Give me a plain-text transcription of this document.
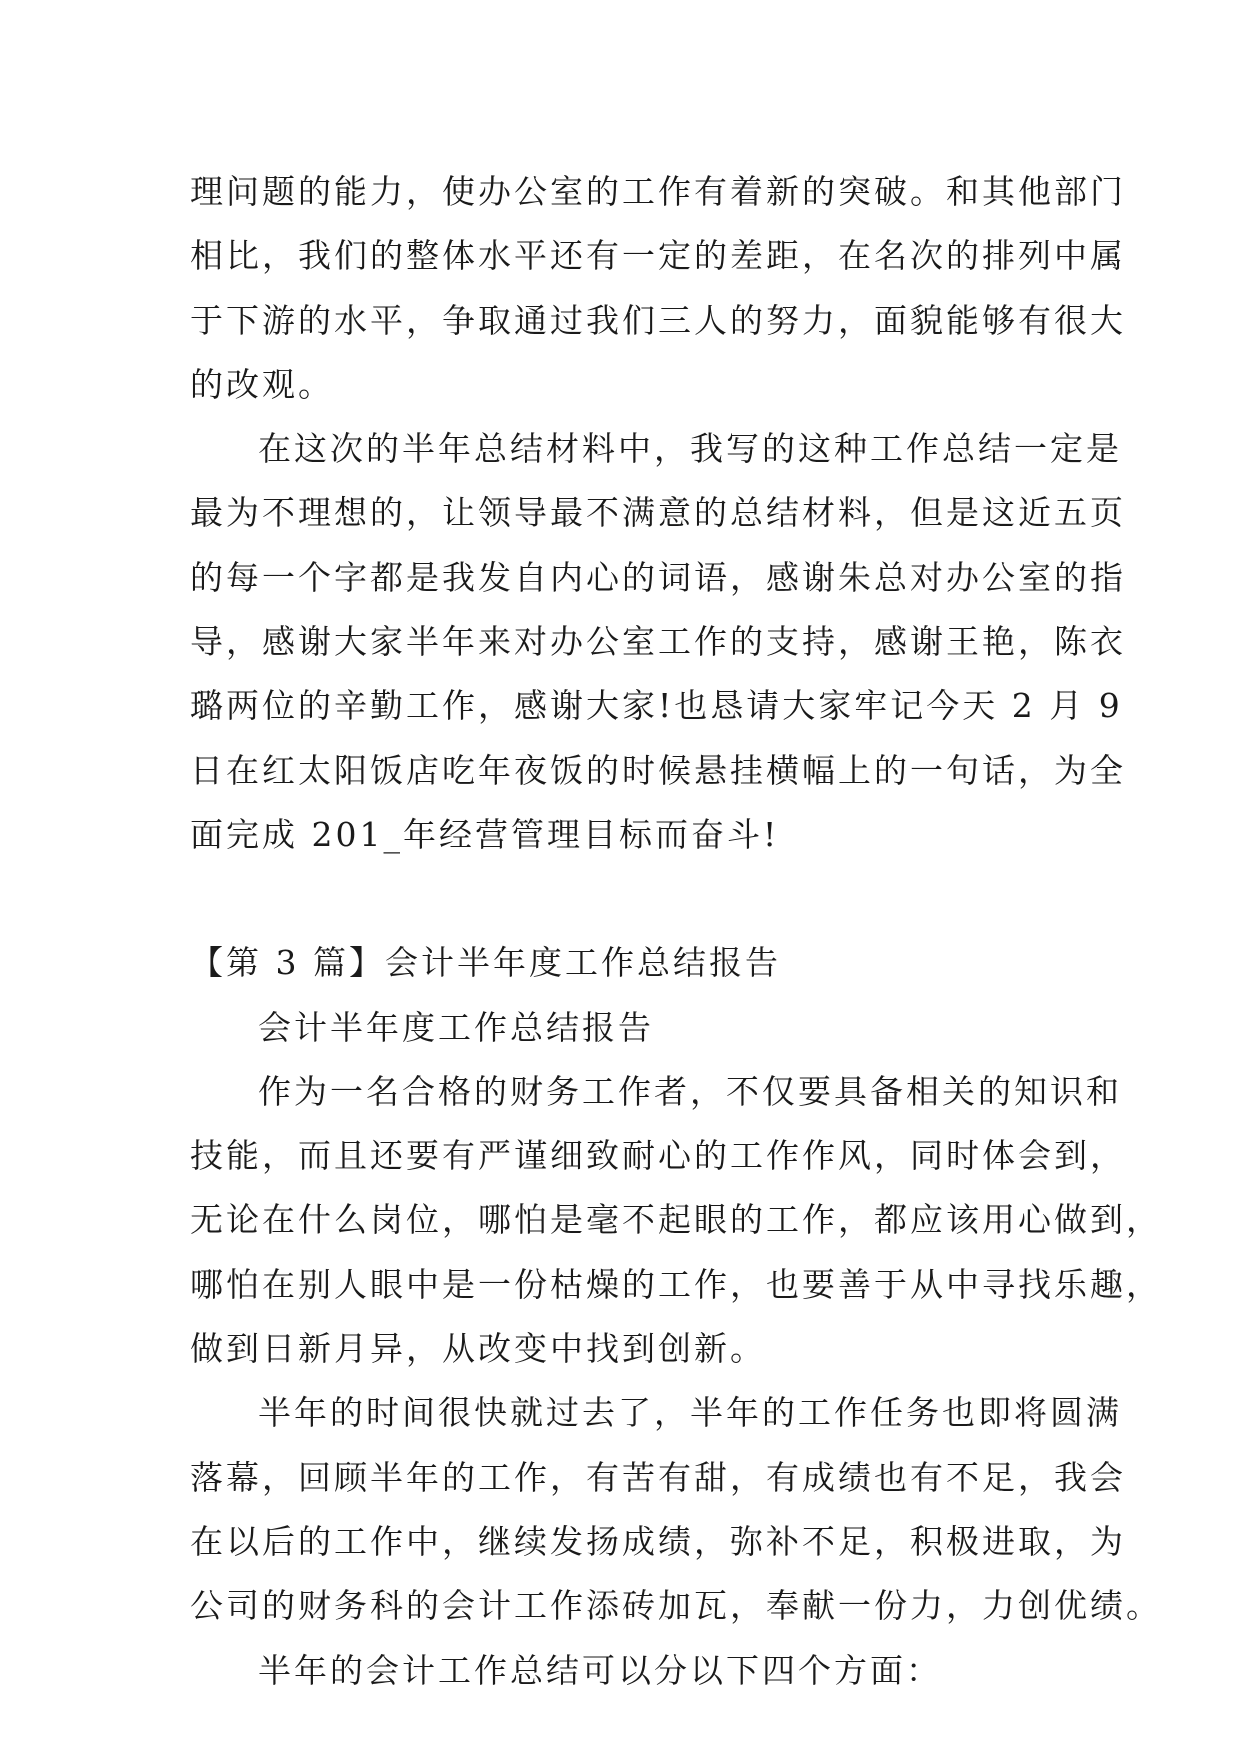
理问题的能力，使办公室的工作有着新的突破。和其他部门
相比，我们的整体水平还有一定的差距，在名次的排列中属
于下游的水平，争取通过我们三人的努力，面貌能够有很大
的改观。
在这次的半年总结材料中，我写的这种工作总结一定是
最为不理想的，让领导最不满意的总结材料，但是这近五页
的每一个字都是我发自内心的词语，感谢朱总对办公室的指
导，感谢大家半年来对办公室工作的支持，感谢王艳，陈衣
璐两位的辛勤工作，感谢大家!也恳请大家牢记今天 2 月 9
日在红太阳饭店吃年夜饭的时候悬挂横幅上的一句话，为全
面完成 201_年经营管理目标而奋斗!
【第 3 篇】会计半年度工作总结报告
会计半年度工作总结报告
作为一名合格的财务工作者，不仅要具备相关的知识和
技能，而且还要有严谨细致耐心的工作作风，同时体会到，
无论在什么岗位，哪怕是毫不起眼的工作，都应该用心做到，
哪怕在别人眼中是一份枯燥的工作，也要善于从中寻找乐趣，
做到日新月异，从改变中找到创新。
半年的时间很快就过去了，半年的工作任务也即将圆满
落幕，回顾半年的工作，有苦有甜，有成绩也有不足，我会
在以后的工作中，继续发扬成绩，弥补不足，积极进取，为
公司的财务科的会计工作添砖加瓦，奉献一份力，力创优绩。
半年的会计工作总结可以分以下四个方面：
